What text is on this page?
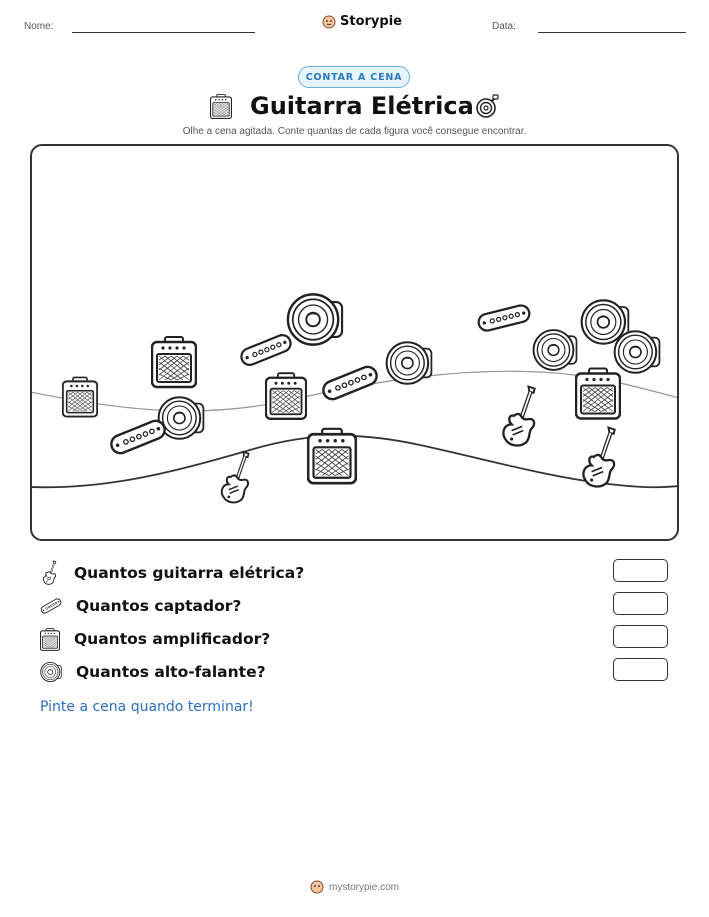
Nome:	Storypie	Data:
CONTAR A CENA
Guitarra Elétrica
Olhe a cena agitada. Conte quantas de cada figura você consegue encontrar.
Quantos guitarra elétrica?
Quantos captador?
Quantos amplificador?
Quantos alto-falante?
Pinte a cena quando terminar!
mystorypie.com
